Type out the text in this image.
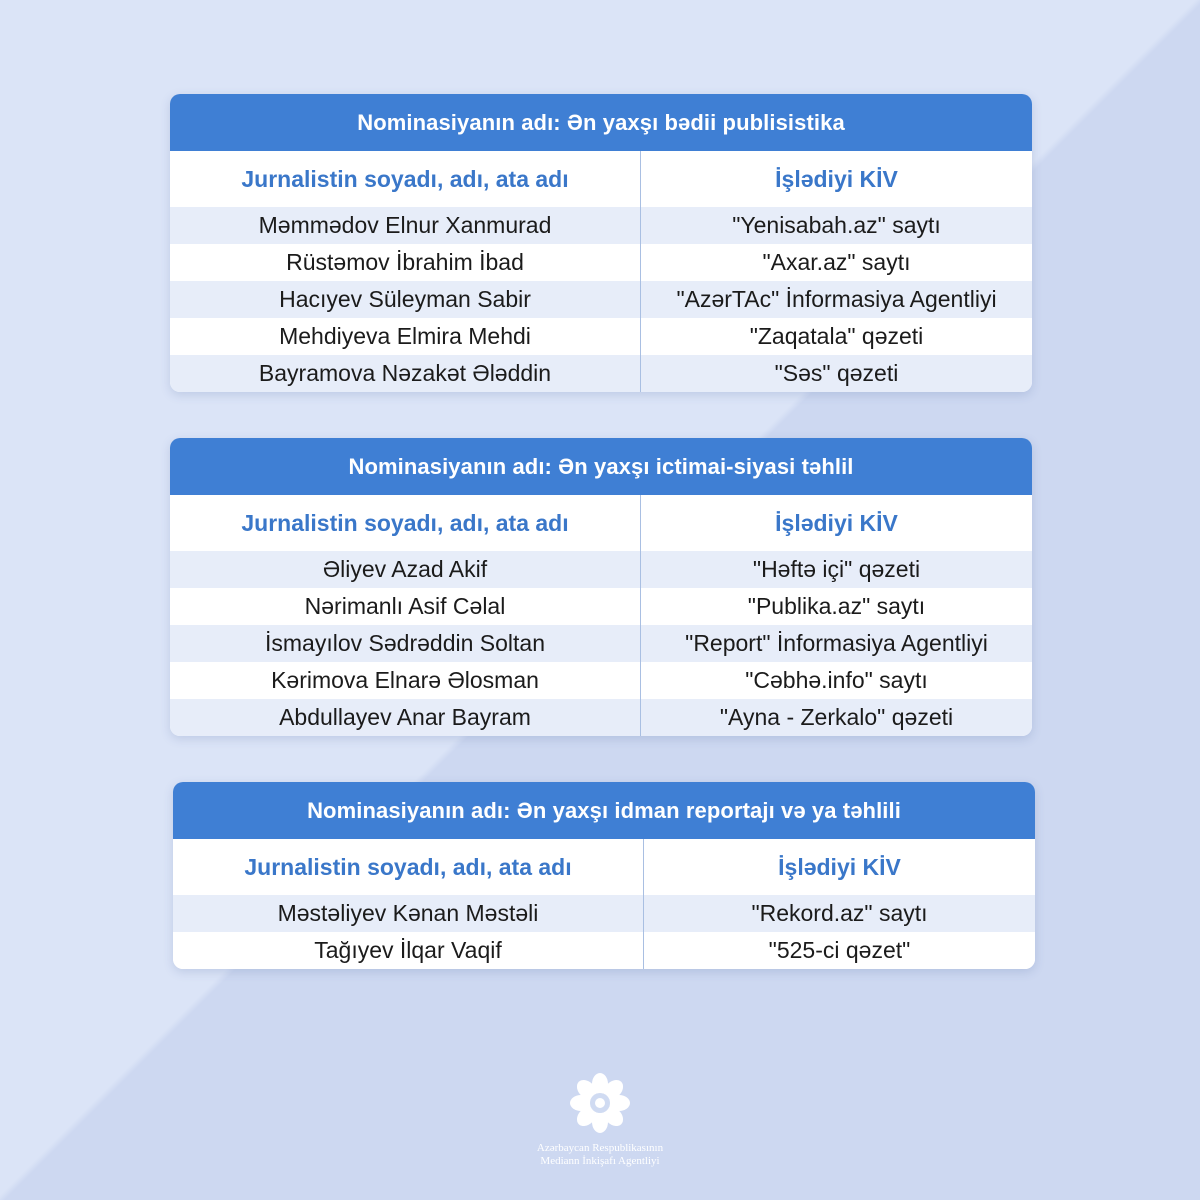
Nominasiyanın adı: Ən yaxşı bədii publisistika
Jurnalistin soyadı, adı, ata adı	İşlədiyi KİV
Məmmədov Elnur Xanmurad	"Yenisabah.az" saytı
Rüstəmov İbrahim İbad	"Axar.az" saytı
Hacıyev Süleyman Sabir	"AzərTAc" İnformasiya Agentliyi
Mehdiyeva Elmira Mehdi	"Zaqatala" qəzeti
Bayramova Nəzakət Ələddin	"Səs" qəzeti
Nominasiyanın adı: Ən yaxşı ictimai-siyasi təhlil
Jurnalistin soyadı, adı, ata adı	İşlədiyi KİV
Əliyev Azad Akif	"Həftə içi" qəzeti
Nərimanlı Asif Cəlal	"Publika.az" saytı
İsmayılov Sədrəddin Soltan	"Report" İnformasiya Agentliyi
Kərimova Elnarə Əlosman	"Cəbhə.info" saytı
Abdullayev Anar Bayram	"Ayna - Zerkalo" qəzeti
Nominasiyanın adı: Ən yaxşı idman reportajı və ya təhlili
Jurnalistin soyadı, adı, ata adı	İşlədiyi KİV
Məstəliyev Kənan Məstəli	"Rekord.az" saytı
Tağıyev İlqar Vaqif	"525-ci qəzet"
Azərbaycan Respublikasının
Mediann İnkişafı Agentliyi
